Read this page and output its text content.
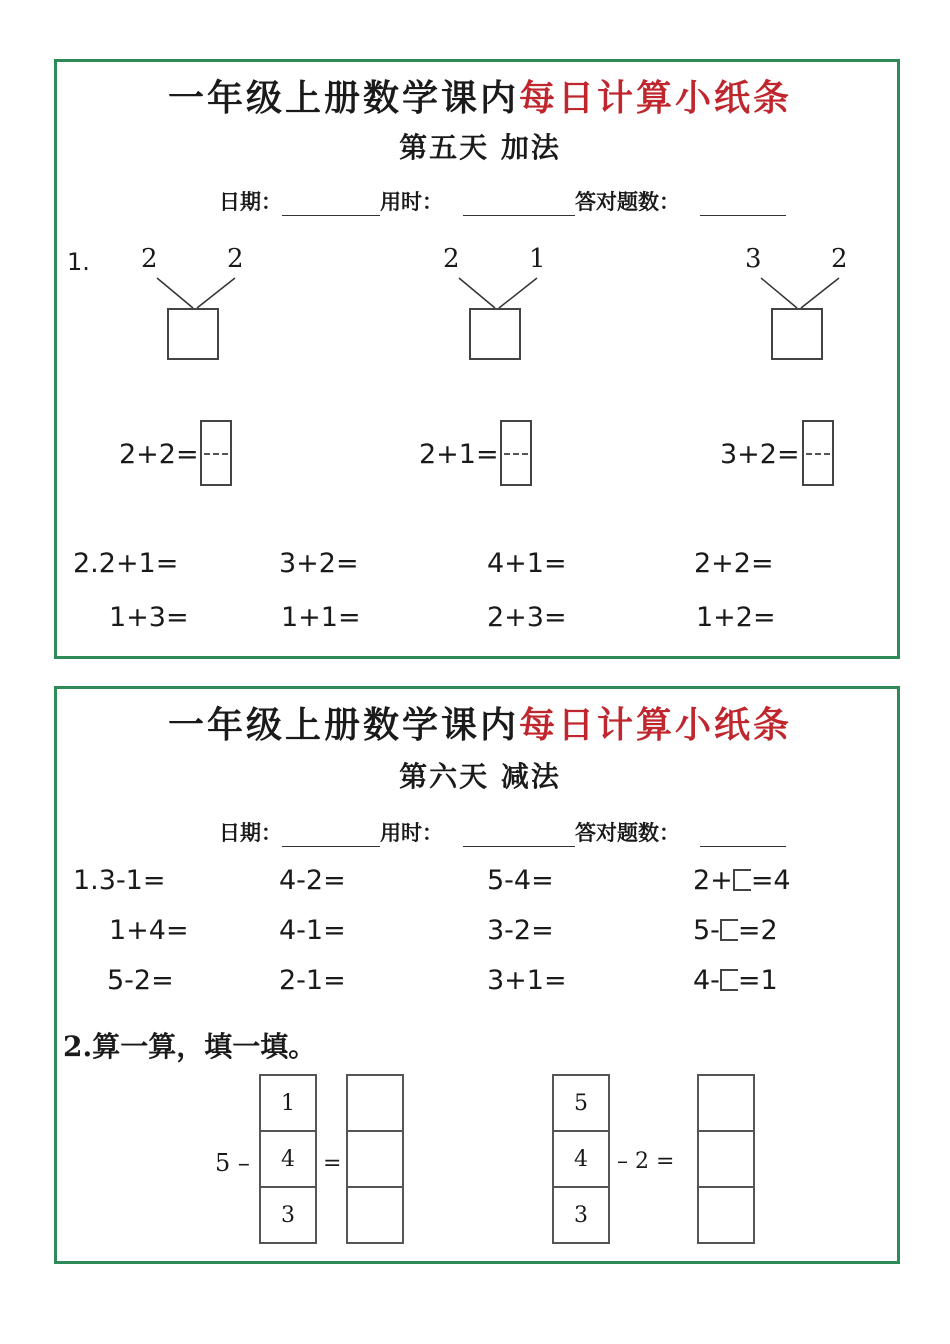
一年级上册数学课内每日计算小纸条
第五天 加法
日期：	用时：	答对题数：
1. 2	2	2	1	3	2
2+2=	2+1=	3+2=
2.2+1=	3+2=	4+1=	2+2=
1+3=	1+1=	2+3=	1+2=
一年级上册数学课内每日计算小纸条
第六天 减法
日期：	用时：	答对题数：
1.3-1=	4-2=	5-4=	2+ =4
1+4=	4-1=	3-2=	5- =2
5-2=	2-1=	3+1=	4- =1
2.算一算，填一填。
5 –
1
4
3
=
5
4
3
– 2 =
